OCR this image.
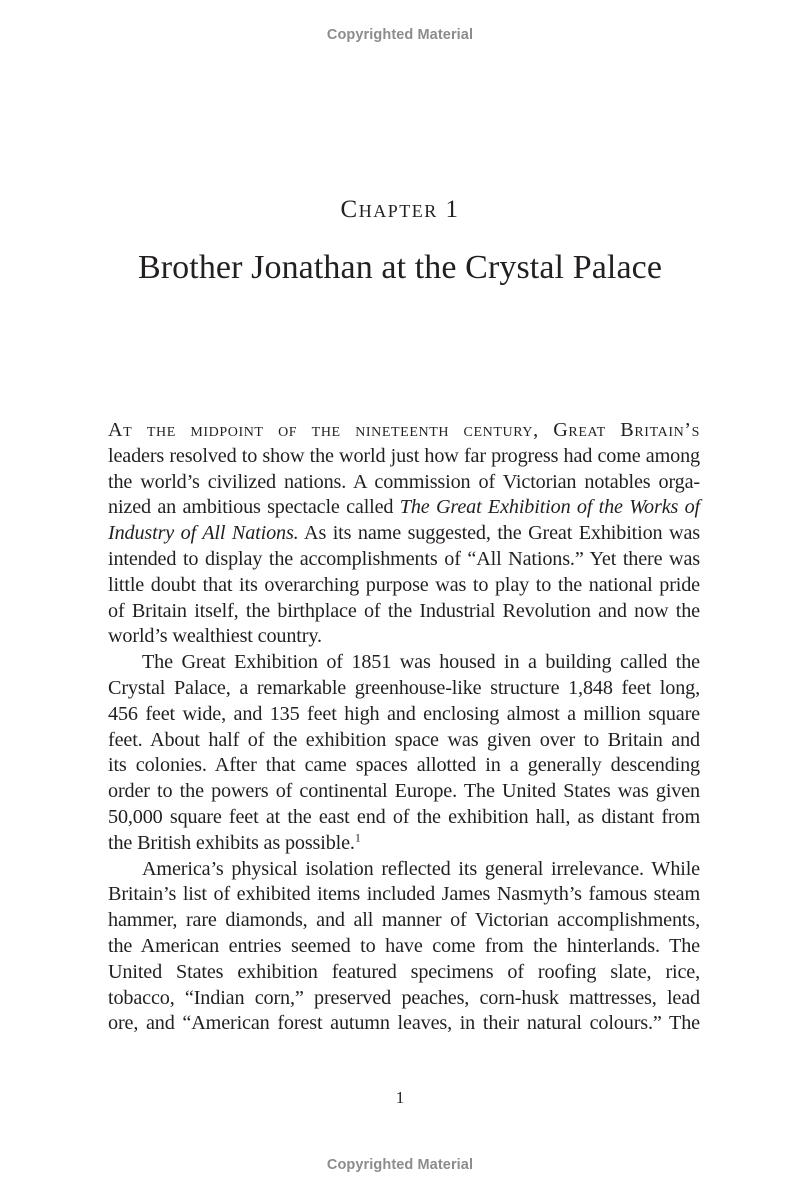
Copyrighted Material
Chapter 1
Brother Jonathan at the Crystal Palace
At the midpoint of the nineteenth century, Great Britain’s
leaders resolved to show the world just how far progress had come among
the world’s civilized nations. A commission of Victorian notables orga-
nized an ambitious spectacle called The Great Exhibition of the Works of
Industry of All Nations. As its name suggested, the Great Exhibition was
intended to display the accomplishments of “All Nations.” Yet there was
little doubt that its overarching purpose was to play to the national pride
of Britain itself, the birthplace of the Industrial Revolution and now the
world’s wealthiest country.
The Great Exhibition of 1851 was housed in a building called the
Crystal Palace, a remarkable greenhouse-like structure 1,848 feet long,
456 feet wide, and 135 feet high and enclosing almost a million square
feet. About half of the exhibition space was given over to Britain and
its colonies. After that came spaces allotted in a generally descending
order to the powers of continental Europe. The United States was given
50,000 square feet at the east end of the exhibition hall, as distant from
the British exhibits as possible.$^1$
America’s physical isolation reflected its general irrelevance. While
Britain’s list of exhibited items included James Nasmyth’s famous steam
hammer, rare diamonds, and all manner of Victorian accomplishments,
the American entries seemed to have come from the hinterlands. The
United States exhibition featured specimens of roofing slate, rice,
tobacco, “Indian corn,” preserved peaches, corn-husk mattresses, lead
ore, and “American forest autumn leaves, in their natural colours.” The
1
Copyrighted Material
